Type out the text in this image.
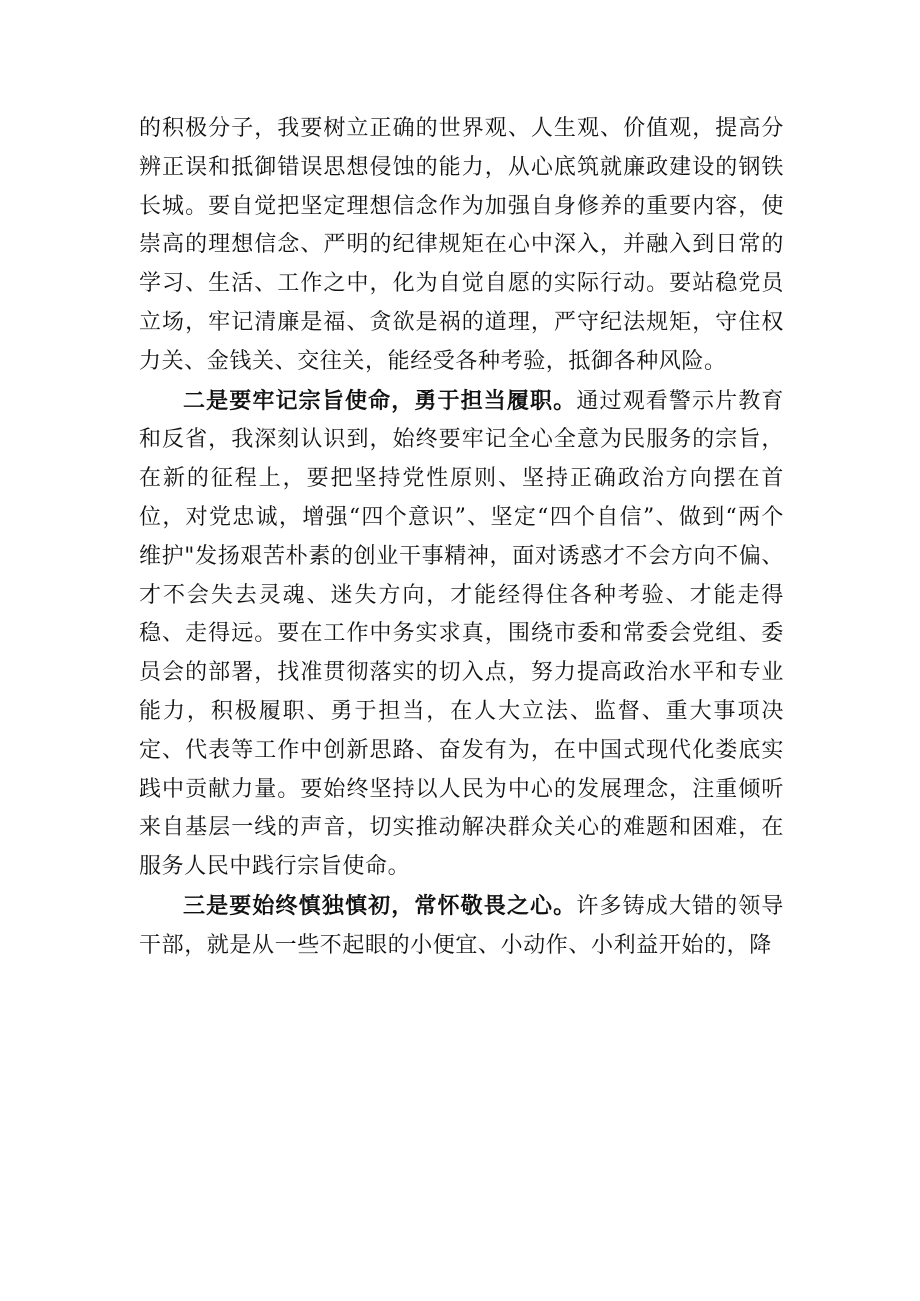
的积极分子，我要树立正确的世界观、人生观、价值观，提高分辨正误和抵御错误思想侵蚀的能力，从心底筑就廉政建设的钢铁长城。要自觉把坚定理想信念作为加强自身修养的重要内容，使崇高的理想信念、严明的纪律规矩在心中深入，并融入到日常的学习、生活、工作之中，化为自觉自愿的实际行动。要站稳党员立场，牢记清廉是福、贪欲是祸的道理，严守纪法规矩，守住权力关、金钱关、交往关，能经受各种考验，抵御各种风险。

二是要牢记宗旨使命，勇于担当履职。通过观看警示片教育和反省，我深刻认识到，始终要牢记全心全意为民服务的宗旨，在新的征程上，要把坚持党性原则、坚持正确政治方向摆在首位，对党忠诚，增强“四个意识”、坚定“四个自信”、做到“两个维护"发扬艰苦朴素的创业干事精神，面对诱惑才不会方向不偏、才不会失去灵魂、迷失方向，才能经得住各种考验、才能走得稳、走得远。要在工作中务实求真，围绕市委和常委会党组、委员会的部署，找准贯彻落实的切入点，努力提高政治水平和专业能力，积极履职、勇于担当，在人大立法、监督、重大事项决定、代表等工作中创新思路、奋发有为，在中国式现代化娄底实践中贡献力量。要始终坚持以人民为中心的发展理念，注重倾听来自基层一线的声音，切实推动解决群众关心的难题和困难，在服务人民中践行宗旨使命。

三是要始终慎独慎初，常怀敬畏之心。许多铸成大错的领导干部，就是从一些不起眼的小便宜、小动作、小利益开始的，降
